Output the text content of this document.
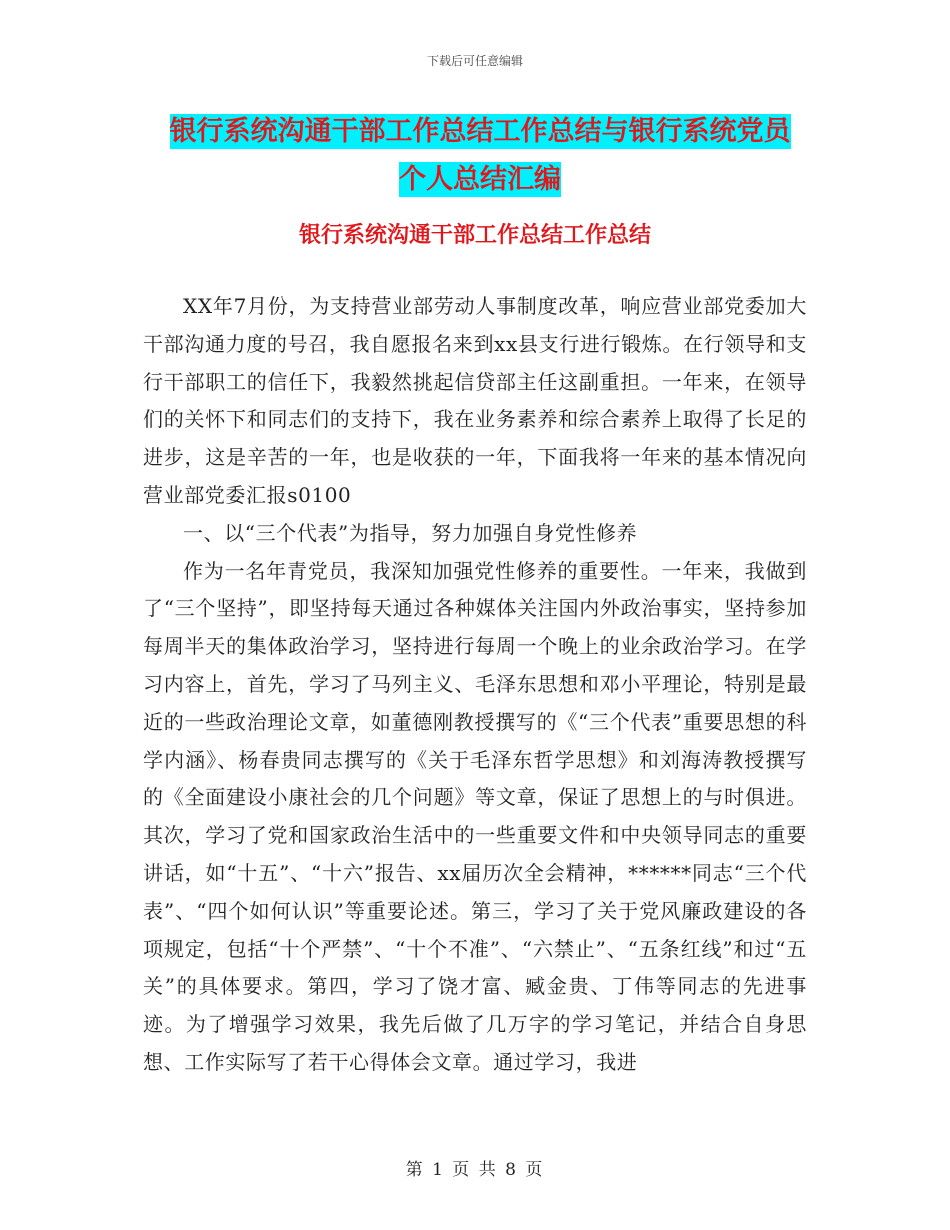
下载后可任意编辑
银行系统沟通干部工作总结工作总结与银行系统党员
个人总结汇编
银行系统沟通干部工作总结工作总结

XX年7月份，为支持营业部劳动人事制度改革，响应营业部党委加大干部沟通力度的号召，我自愿报名来到xx县支行进行锻炼。在行领导和支行干部职工的信任下，我毅然挑起信贷部主任这副重担。一年来，在领导们的关怀下和同志们的支持下，我在业务素养和综合素养上取得了长足的进步，这是辛苦的一年，也是收获的一年，下面我将一年来的基本情况向营业部党委汇报s0100

一、以“三个代表”为指导，努力加强自身党性修养

作为一名年青党员，我深知加强党性修养的重要性。一年来，我做到了“三个坚持”，即坚持每天通过各种媒体关注国内外政治事实，坚持参加每周半天的集体政治学习，坚持进行每周一个晚上的业余政治学习。在学习内容上，首先，学习了马列主义、毛泽东思想和邓小平理论，特别是最近的一些政治理论文章，如董德刚教授撰写的《“三个代表”重要思想的科学内涵》、杨春贵同志撰写的《关于毛泽东哲学思想》和刘海涛教授撰写的《全面建设小康社会的几个问题》等文章，保证了思想上的与时俱进。其次，学习了党和国家政治生活中的一些重要文件和中央领导同志的重要讲话，如“十五”、“十六”报告、xx届历次全会精神，******同志“三个代表”、“四个如何认识”等重要论述。第三，学习了关于党风廉政建设的各项规定，包括“十个严禁”、“十个不准”、“六禁止”、“五条红线”和过“五关”的具体要求。第四，学习了饶才富、臧金贵、丁伟等同志的先进事迹。为了增强学习效果，我先后做了几万字的学习笔记，并结合自身思想、工作实际写了若干心得体会文章。通过学习，我进

第 1 页 共 8 页
